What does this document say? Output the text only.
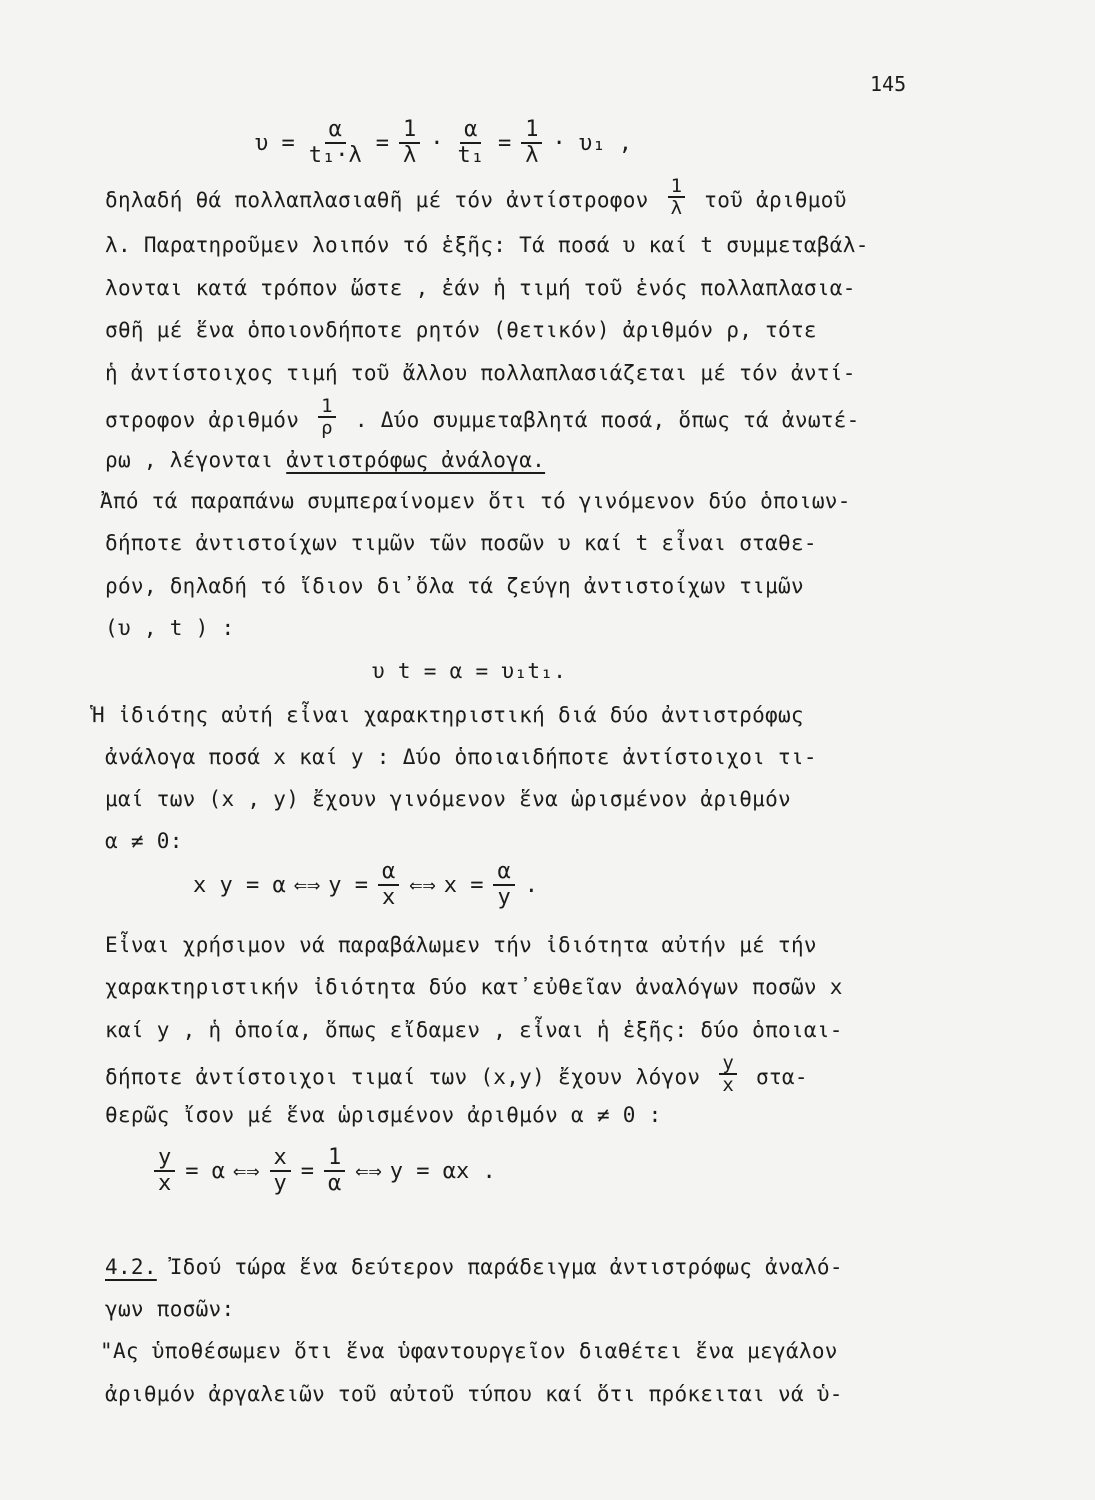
145
$\upsilon = \frac{\alpha}{\text{t₁·λ}} = \frac{1}{\lambda} \cdot \frac{\alpha}{\text{t₁}} = \frac{1}{\lambda} \cdot \upsilon_1$ ,
δηλαδή θά πολλαπλασιαθῆ μέ τόν ἀντίστροφον $\frac{1}{\lambda}$ τοῦ ἀριθμοῦ
λ. Παρατηροῦμεν λοιπόν τό ἑξῆς: Τά ποσά υ καί t συμμεταβάλ-
λονται κατά τρόπον ὥστε , ἐάν ἡ τιμή τοῦ ἑνός πολλαπλασια-
σθῆ μέ ἕνα ὁποιονδήποτε ρητόν (θετικόν) ἀριθμόν ρ, τότε
ἡ ἀντίστοιχος τιμή τοῦ ἄλλου πολλαπλασιάζεται μέ τόν ἀντί-
στροφον ἀριθμόν $\frac{1}{\rho}$ . Δύο συμμεταβλητά ποσά, ὅπως τά ἀνωτέ-
ρω , λέγονται ἀντιστρόφως ἀνάλογα.
Ἀπό τά παραπάνω συμπεραίνομεν ὅτι τό γινόμενον δύο ὁποιων-
δήποτε ἀντιστοίχων τιμῶν τῶν ποσῶν υ καί t εἶναι σταθε-
ρόν, δηλαδή τό ἴδιον δι᾿ὅλα τά ζεύγη ἀντιστοίχων τιμῶν
(υ , t ) :
υ t = α = υ₁t₁.
Ἡ ἰδιότης αὐτή εἶναι χαρακτηριστική διά δύο ἀντιστρόφως
ἀνάλογα ποσά x καί y : Δύο ὁποιαιδήποτε ἀντίστοιχοι τι-
μαί των (x , y) ἔχουν γινόμενον ἕνα ὡρισμένον ἀριθμόν
α ≠ 0:
x y = α ⇐⇒ $y = \frac{\alpha}{x}$ ⇐⇒ $x = \frac{\alpha}{y}$ .
Εἶναι χρήσιμον νά παραβάλωμεν τήν ἰδιότητα αὐτήν μέ τήν
χαρακτηριστικήν ἰδιότητα δύο κατ᾿εὐθεῖαν ἀναλόγων ποσῶν x
καί y , ἡ ὁποία, ὅπως εἴδαμεν , εἶναι ἡ ἑξῆς: δύο ὁποιαι-
δήποτε ἀντίστοιχοι τιμαί των (x,y) ἔχουν λόγον $\frac{y}{x} \sigma\tau\alpha-$
θερῶς ἴσον μέ ἕνα ὡρισμένον ἀριθμόν α ≠ 0 :
$\frac{y}{x} = \alpha$ ⇐⇒ $\frac{x}{y} = \frac{1}{\alpha}$ ⇐⇒ y = αx .
4.2. Ἰδού τώρα ἕνα δεύτερον παράδειγμα ἀντιστρόφως ἀναλό-
γων ποσῶν:
"Ας ὑποθέσωμεν ὅτι ἕνα ὑφαντουργεῖον διαθέτει ἕνα μεγάλον
ἀριθμόν ἀργαλειῶν τοῦ αὐτοῦ τύπου καί ὅτι πρόκειται νά ὑ-
